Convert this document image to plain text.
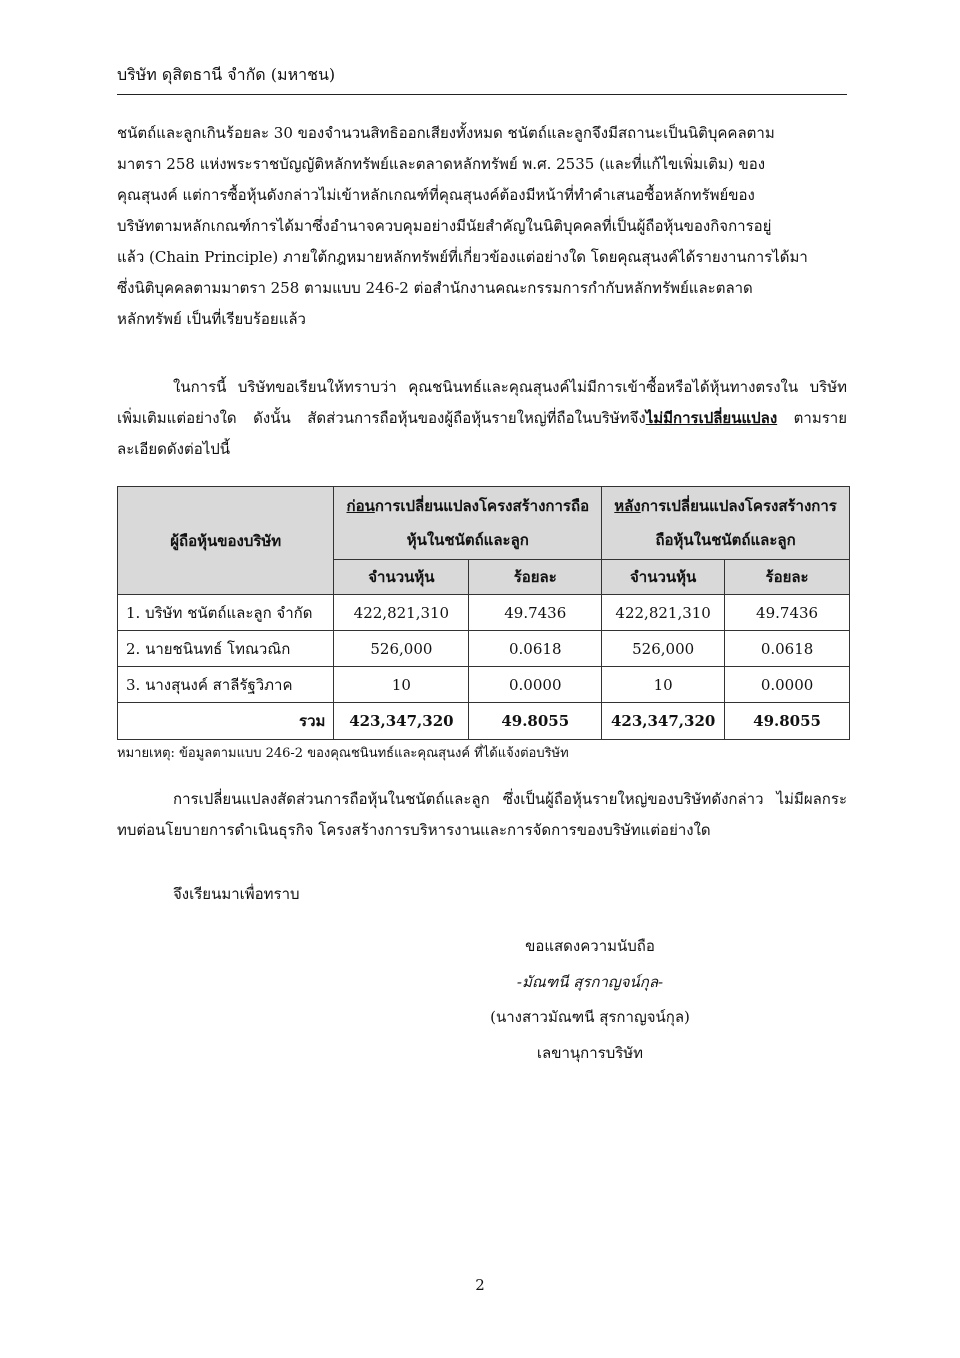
บริษัท ดุสิตธานี จำกัด (มหาชน)
ชนัตถ์และลูกเกินร้อยละ 30 ของจำนวนสิทธิออกเสียงทั้งหมด ชนัตถ์และลูกจึงมีสถานะเป็นนิติบุคคลตาม
มาตรา 258 แห่งพระราชบัญญัติหลักทรัพย์และตลาดหลักทรัพย์ พ.ศ. 2535 (และที่แก้ไขเพิ่มเติม) ของ
คุณสุนงค์ แต่การซื้อหุ้นดังกล่าวไม่เข้าหลักเกณฑ์ที่คุณสุนงค์ต้องมีหน้าที่ทำคำเสนอซื้อหลักทรัพย์ของ
บริษัทตามหลักเกณฑ์การได้มาซึ่งอำนาจควบคุมอย่างมีนัยสำคัญในนิติบุคคลที่เป็นผู้ถือหุ้นของกิจการอยู่
แล้ว (Chain Principle) ภายใต้กฎหมายหลักทรัพย์ที่เกี่ยวข้องแต่อย่างใด โดยคุณสุนงค์ได้รายงานการได้มา
ซึ่งนิติบุคคลตามมาตรา 258 ตามแบบ 246-2 ต่อสำนักงานคณะกรรมการกำกับหลักทรัพย์และตลาด
หลักทรัพย์ เป็นที่เรียบร้อยแล้ว
ในการนี้ บริษัทขอเรียนให้ทราบว่า คุณชนินทธ์และคุณสุนงค์ไม่มีการเข้าซื้อหรือได้หุ้นทางตรงใน บริษัทเพิ่มเติมแต่อย่างใด ดังนั้น สัดส่วนการถือหุ้นของผู้ถือหุ้นรายใหญ่ที่ถือในบริษัทจึงไม่มีการเปลี่ยนแปลง ตามรายละเอียดดังต่อไปนี้
ผู้ถือหุ้นของบริษัท	ก่อนการเปลี่ยนแปลงโครงสร้างการถือหุ้นในชนัตถ์และลูก		หลังการเปลี่ยนแปลงโครงสร้างการถือหุ้นในชนัตถ์และลูก	
	จำนวนหุ้น	ร้อยละ	จำนวนหุ้น	ร้อยละ
1. บริษัท ชนัตถ์และลูก จำกัด	422,821,310	49.7436	422,821,310	49.7436
2. นายชนินทธ์ โทณวณิก	526,000	0.0618	526,000	0.0618
3. นางสุนงค์ สาลีรัฐวิภาค	10	0.0000	10	0.0000
รวม	423,347,320	49.8055	423,347,320	49.8055
หมายเหตุ: ข้อมูลตามแบบ 246-2 ของคุณชนินทธ์และคุณสุนงค์ ที่ได้แจ้งต่อบริษัท
การเปลี่ยนแปลงสัดส่วนการถือหุ้นในชนัตถ์และลูก ซึ่งเป็นผู้ถือหุ้นรายใหญ่ของบริษัทดังกล่าว ไม่มีผลกระทบต่อนโยบายการดำเนินธุรกิจ โครงสร้างการบริหารงานและการจัดการของบริษัทแต่อย่างใด
จึงเรียนมาเพื่อทราบ
ขอแสดงความนับถือ
-มัณฑนี สุรกาญจน์กุล-
(นางสาวมัณฑนี สุรกาญจน์กุล)
เลขานุการบริษัท
2
